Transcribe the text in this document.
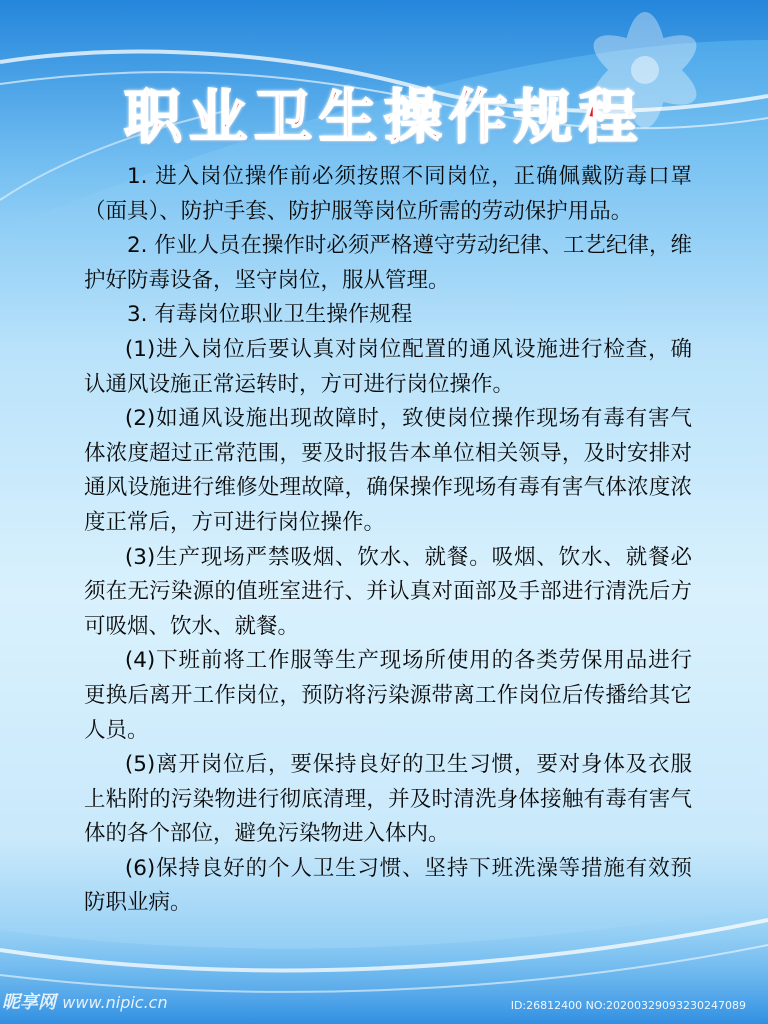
职业卫生操作规程

1. 进入岗位操作前必须按照不同岗位，正确佩戴防毒口罩（面具）、防护手套、防护服等岗位所需的劳动保护用品。

2. 作业人员在操作时必须严格遵守劳动纪律、工艺纪律，维护好防毒设备，坚守岗位，服从管理。

3. 有毒岗位职业卫生操作规程

(1)进入岗位后要认真对岗位配置的通风设施进行检查，确认通风设施正常运转时，方可进行岗位操作。

(2)如通风设施出现故障时，致使岗位操作现场有毒有害气体浓度超过正常范围，要及时报告本单位相关领导，及时安排对通风设施进行维修处理故障，确保操作现场有毒有害气体浓度浓度正常后，方可进行岗位操作。

(3)生产现场严禁吸烟、饮水、就餐。吸烟、饮水、就餐必须在无污染源的值班室进行、并认真对面部及手部进行清洗后方可吸烟、饮水、就餐。

(4)下班前将工作服等生产现场所使用的各类劳保用品进行更换后离开工作岗位，预防将污染源带离工作岗位后传播给其它人员。

(5)离开岗位后，要保持良好的卫生习惯，要对身体及衣服上粘附的污染物进行彻底清理，并及时清洗身体接触有毒有害气体的各个部位，避免污染物进入体内。

(6)保持良好的个人卫生习惯、坚持下班洗澡等措施有效预防职业病。

昵享网 www.nipic.cn	ID:26812400 NO:20200329093230247089
